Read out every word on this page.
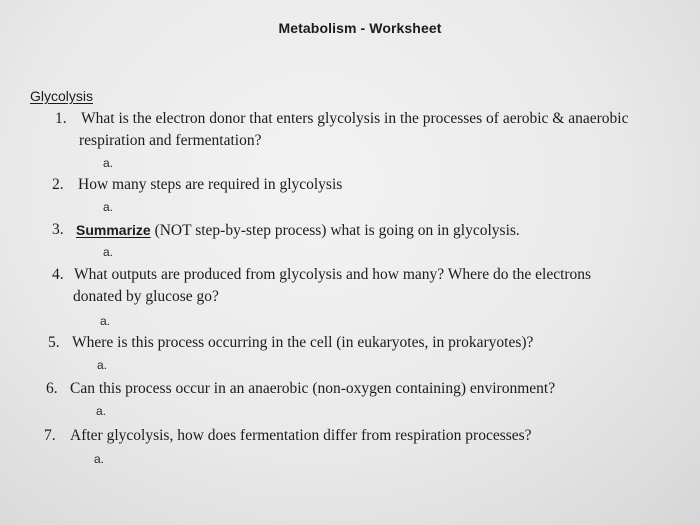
Metabolism - Worksheet
Glycolysis
1. What is the electron donor that enters glycolysis in the processes of aerobic & anaerobic
respiration and fermentation?
a.
2. How many steps are required in glycolysis
a.
3. Summarize (NOT step-by-step process) what is going on in glycolysis.
a.
4. What outputs are produced from glycolysis and how many? Where do the electrons
donated by glucose go?
a.
5. Where is this process occurring in the cell (in eukaryotes, in prokaryotes)?
a.
6. Can this process occur in an anaerobic (non-oxygen containing) environment?
a.
7. After glycolysis, how does fermentation differ from respiration processes?
a.
